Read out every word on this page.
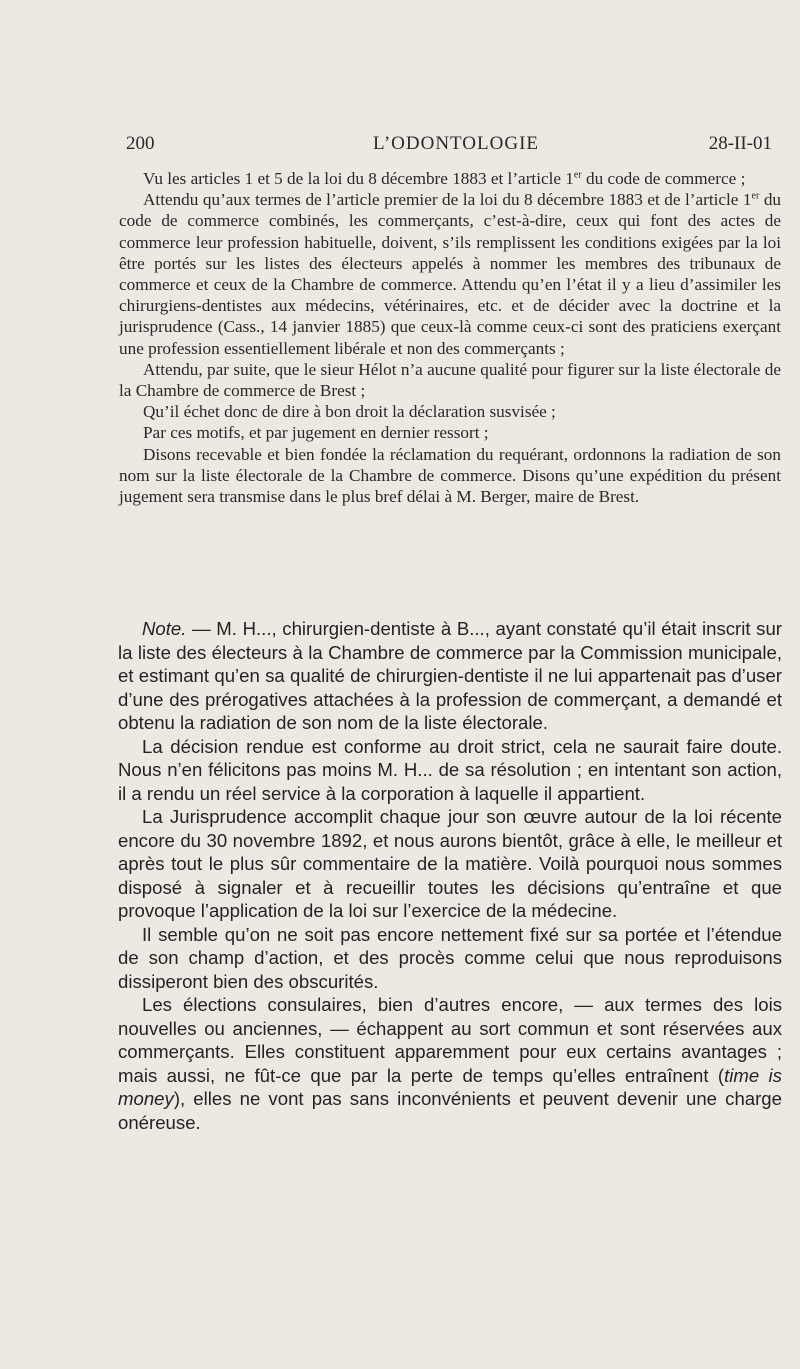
200	L’ODONTOLOGIE	28-II-01

Vu les articles 1 et 5 de la loi du 8 décembre 1883 et l’article 1er du code de commerce ;

Attendu qu’aux termes de l’article premier de la loi du 8 décembre 1883 et de l’article 1er du code de commerce combinés, les commerçants, c’est-à-dire, ceux qui font des actes de commerce leur profession habituelle, doivent, s’ils remplissent les conditions exigées par la loi être portés sur les listes des électeurs appelés à nommer les membres des tribunaux de commerce et ceux de la Chambre de commerce. Attendu qu’en l’état il y a lieu d’assimiler les chirurgiens-dentistes aux médecins, vétérinaires, etc. et de décider avec la doctrine et la jurisprudence (Cass., 14 janvier 1885) que ceux-là comme ceux-ci sont des praticiens exerçant une profession essentiellement libérale et non des commerçants ;

Attendu, par suite, que le sieur Hélot n’a aucune qualité pour figurer sur la liste électorale de la Chambre de commerce de Brest ;

Qu’il échet donc de dire à bon droit la déclaration susvisée ;

Par ces motifs, et par jugement en dernier ressort ;

Disons recevable et bien fondée la réclamation du requérant, ordonnons la radiation de son nom sur la liste électorale de la Chambre de commerce. Disons qu’une expédition du présent jugement sera transmise dans le plus bref délai à M. Berger, maire de Brest.

Note. — M. H..., chirurgien-dentiste à B..., ayant constaté qu’il était inscrit sur la liste des électeurs à la Chambre de commerce par la Commission municipale, et estimant qu’en sa qualité de chirurgien-dentiste il ne lui appartenait pas d’user d’une des prérogatives attachées à la profession de commerçant, a demandé et obtenu la radiation de son nom de la liste électorale.

La décision rendue est conforme au droit strict, cela ne saurait faire doute. Nous n’en félicitons pas moins M. H... de sa résolution ; en intentant son action, il a rendu un réel service à la corporation à laquelle il appartient.

La Jurisprudence accomplit chaque jour son œuvre autour de la loi récente encore du 30 novembre 1892, et nous aurons bientôt, grâce à elle, le meilleur et après tout le plus sûr commentaire de la matière. Voilà pourquoi nous sommes disposé à signaler et à recueillir toutes les décisions qu’entraîne et que provoque l’application de la loi sur l’exercice de la médecine.

Il semble qu’on ne soit pas encore nettement fixé sur sa portée et l’étendue de son champ d’action, et des procès comme celui que nous reproduisons dissiperont bien des obscurités.

Les élections consulaires, bien d’autres encore, — aux termes des lois nouvelles ou anciennes, — échappent au sort commun et sont réservées aux commerçants. Elles constituent apparemment pour eux certains avantages ; mais aussi, ne fût-ce que par la perte de temps qu’elles entraînent (time is money), elles ne vont pas sans inconvénients et peuvent devenir une charge onéreuse.
